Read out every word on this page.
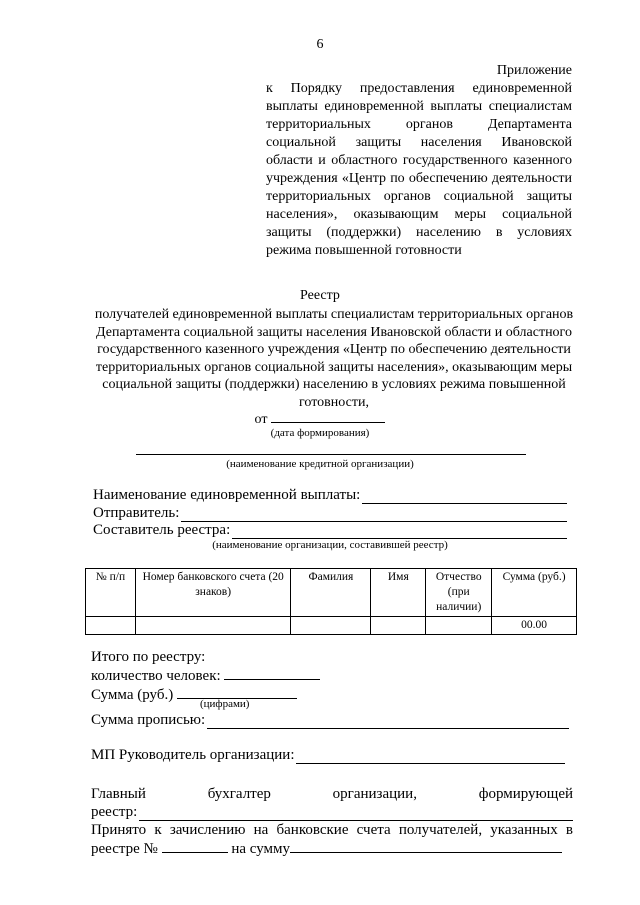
6
Приложение
к Порядку предоставления единовременной выплаты единовременной выплаты специалистам территориальных органов Департамента социальной защиты населения Ивановской области и областного государственного казенного учреждения «Центр по обеспечению деятельности территориальных органов социальной защиты населения», оказывающим меры социальной защиты (поддержки) населению в условиях режима повышенной готовности
Реестр
получателей единовременной выплаты специалистам территориальных органов Департамента социальной защиты населения Ивановской области и областного государственного казенного учреждения «Центр по обеспечению деятельности территориальных органов социальной защиты населения», оказывающим меры социальной защиты (поддержки) населению в условиях режима повышенной готовности,
от
(дата формирования)
(наименование кредитной организации)
Наименование единовременной выплаты:
Отправитель:
Составитель реестра:
(наименование организации, составившей реестр)
№ п/п	Номер банковского счета (20 знаков)	Фамилия	Имя	Отчество (при наличии)	Сумма (руб.)
					00.00
Итого по реестру:
количество человек:
Сумма (руб.)
(цифрами)
Сумма прописью:
МП Руководитель организации:
Главный бухгалтер организации, формирующей
реестр:
Принято к зачислению на банковские счета получателей, указанных в
реестре №	на сумму
